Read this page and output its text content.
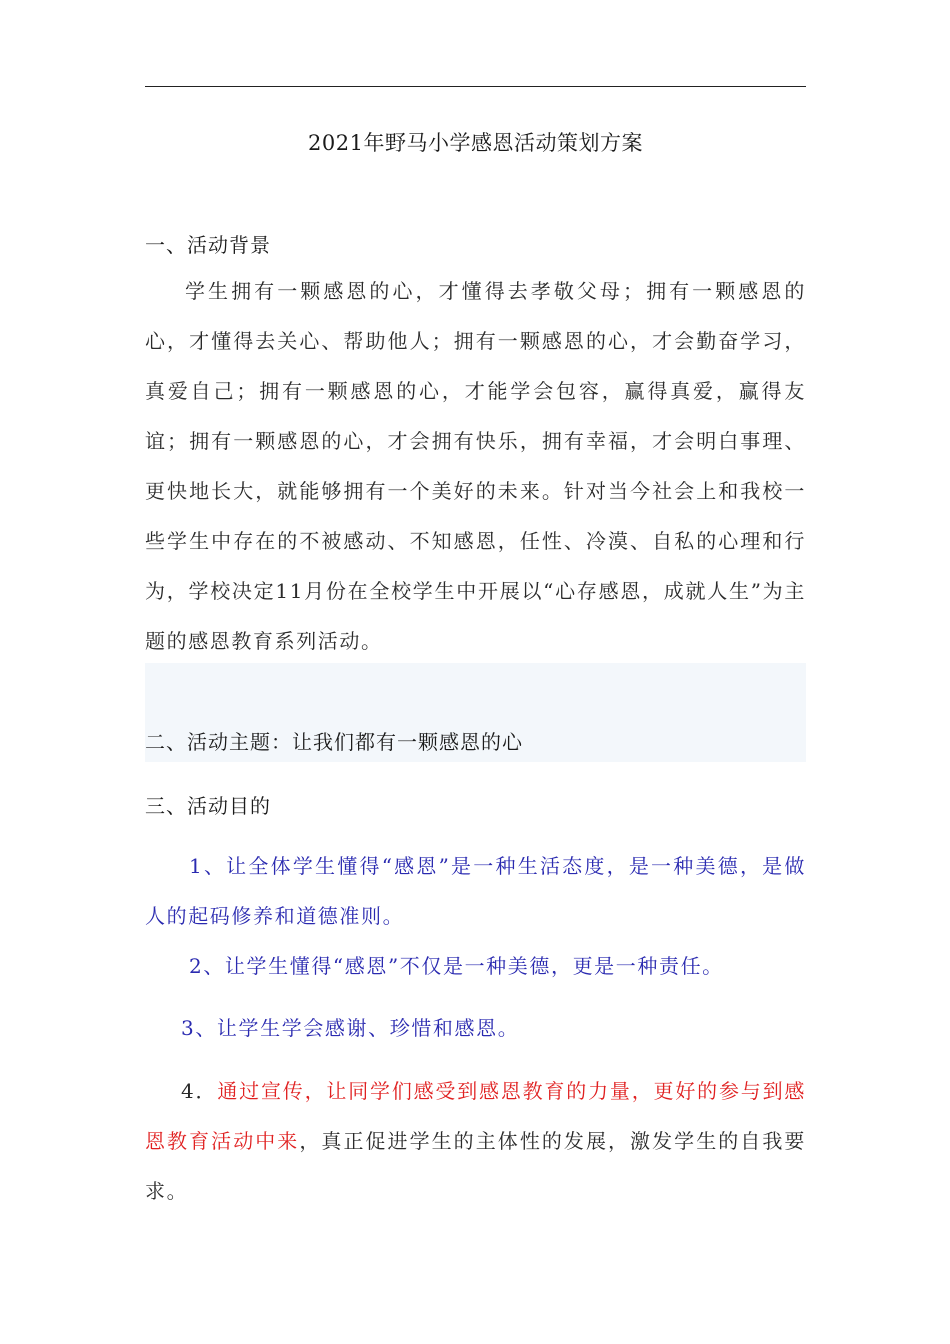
2021年野马小学感恩活动策划方案
一、活动背景

学生拥有一颗感恩的心，才懂得去孝敬父母；拥有一颗感恩的心，才懂得去关心、帮助他人；拥有一颗感恩的心，才会勤奋学习，真爱自己；拥有一颗感恩的心，才能学会包容，赢得真爱，赢得友谊；拥有一颗感恩的心，才会拥有快乐，拥有幸福，才会明白事理、更快地长大，就能够拥有一个美好的未来。针对当今社会上和我校一些学生中存在的不被感动、不知感恩，任性、冷漠、自私的心理和行为，学校决定11月份在全校学生中开展以“心存感恩，成就人生”为主题的感恩教育系列活动。

二、活动主题：让我们都有一颗感恩的心
三、活动目的

1、让全体学生懂得“感恩”是一种生活态度，是一种美德，是做人的起码修养和道德准则。

2、让学生懂得“感恩”不仅是一种美德，更是一种责任。

3、让学生学会感谢、珍惜和感恩。

4．通过宣传，让同学们感受到感恩教育的力量，更好的参与到感恩教育活动中来，真正促进学生的主体性的发展，激发学生的自我要求。
